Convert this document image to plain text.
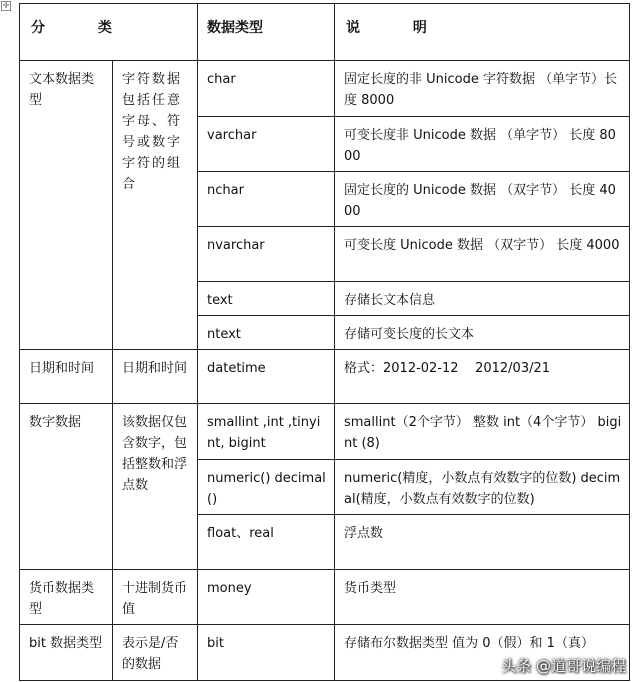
✛
分 类		数据类型	说 明
文本数据类型	字符数据包括任意字母、符号或数字字符的组合	char	固定长度的非 Unicode 字符数据 （单字节）长度 8000
		varchar	可变长度非 Unicode 数据 （单字节） 长度 8000
		nchar	固定长度的 Unicode 数据 （双字节） 长度 4000
		nvarchar	可变长度 Unicode 数据 （双字节） 长度 4000
		text	存储长文本信息
		ntext	存储可变长度的长文本
日期和时间	日期和时间	datetime	格式：2012-02-12    2012/03/21
数字数据	该数据仅包含数字，包括整数和浮点数	smallint ,int ,tinyint, bigint	smallint（2个字节） 整数 int（4个字节） bigint (8)
		numeric() decimal()	numeric(精度，小数点有效数字的位数) decimal(精度，小数点有效数字的位数)
		float、real	浮点数
货币数据类型	十进制货币值	money	货币类型
bit 数据类型	表示是/否的数据	bit	存储布尔数据类型 值为 0（假）和 1（真）
头条 @道哥说编程
